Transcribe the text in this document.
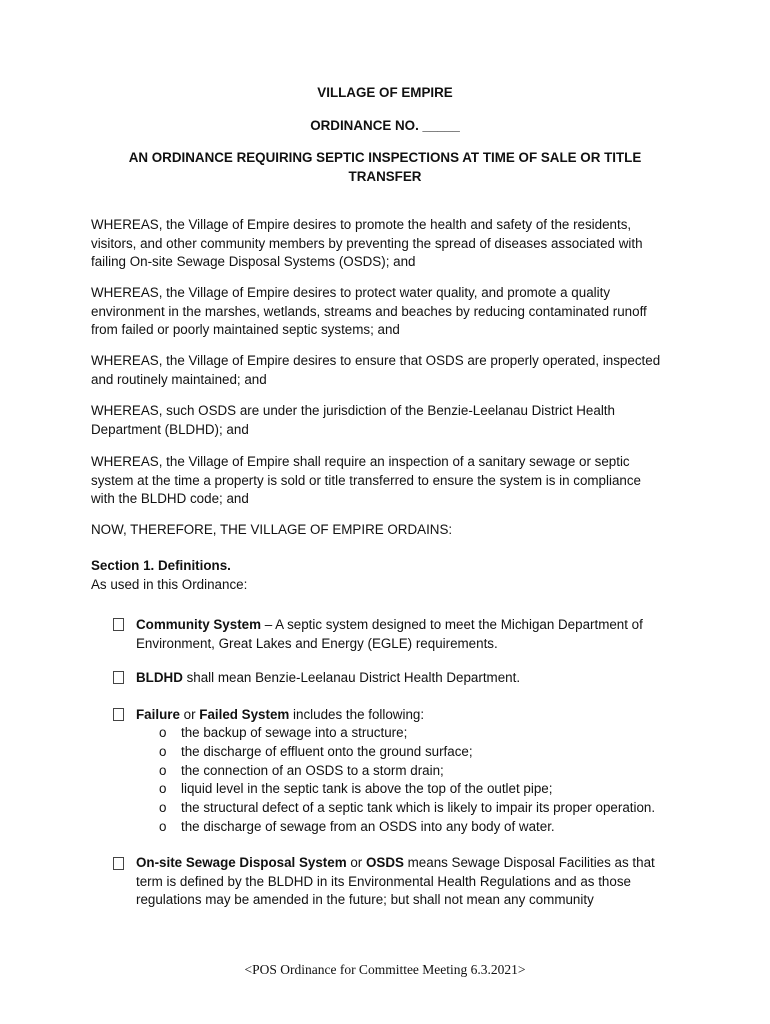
VILLAGE OF EMPIRE
ORDINANCE NO. _____
AN ORDINANCE REQUIRING SEPTIC INSPECTIONS AT TIME OF SALE OR TITLE
TRANSFER
WHEREAS, the Village of Empire desires to promote the health and safety of the residents,
visitors, and other community members by preventing the spread of diseases associated with
failing On-site Sewage Disposal Systems (OSDS); and
WHEREAS, the Village of Empire desires to protect water quality, and promote a quality
environment in the marshes, wetlands, streams and beaches by reducing contaminated runoff
from failed or poorly maintained septic systems; and
WHEREAS, the Village of Empire desires to ensure that OSDS are properly operated, inspected
and routinely maintained; and
WHEREAS, such OSDS are under the jurisdiction of the Benzie-Leelanau District Health
Department (BLDHD); and
WHEREAS, the Village of Empire shall require an inspection of a sanitary sewage or septic
system at the time a property is sold or title transferred to ensure the system is in compliance
with the BLDHD code; and
NOW, THEREFORE, THE VILLAGE OF EMPIRE ORDAINS:
Section 1. Definitions.
As used in this Ordinance:
Community System – A septic system designed to meet the Michigan Department of
Environment, Great Lakes and Energy (EGLE) requirements.
BLDHD shall mean Benzie-Leelanau District Health Department.
Failure or Failed System includes the following:
o the backup of sewage into a structure;
o the discharge of effluent onto the ground surface;
o the connection of an OSDS to a storm drain;
o liquid level in the septic tank is above the top of the outlet pipe;
o the structural defect of a septic tank which is likely to impair its proper operation.
o the discharge of sewage from an OSDS into any body of water.
On-site Sewage Disposal System or OSDS means Sewage Disposal Facilities as that
term is defined by the BLDHD in its Environmental Health Regulations and as those
regulations may be amended in the future; but shall not mean any community
<POS Ordinance for Committee Meeting 6.3.2021>
